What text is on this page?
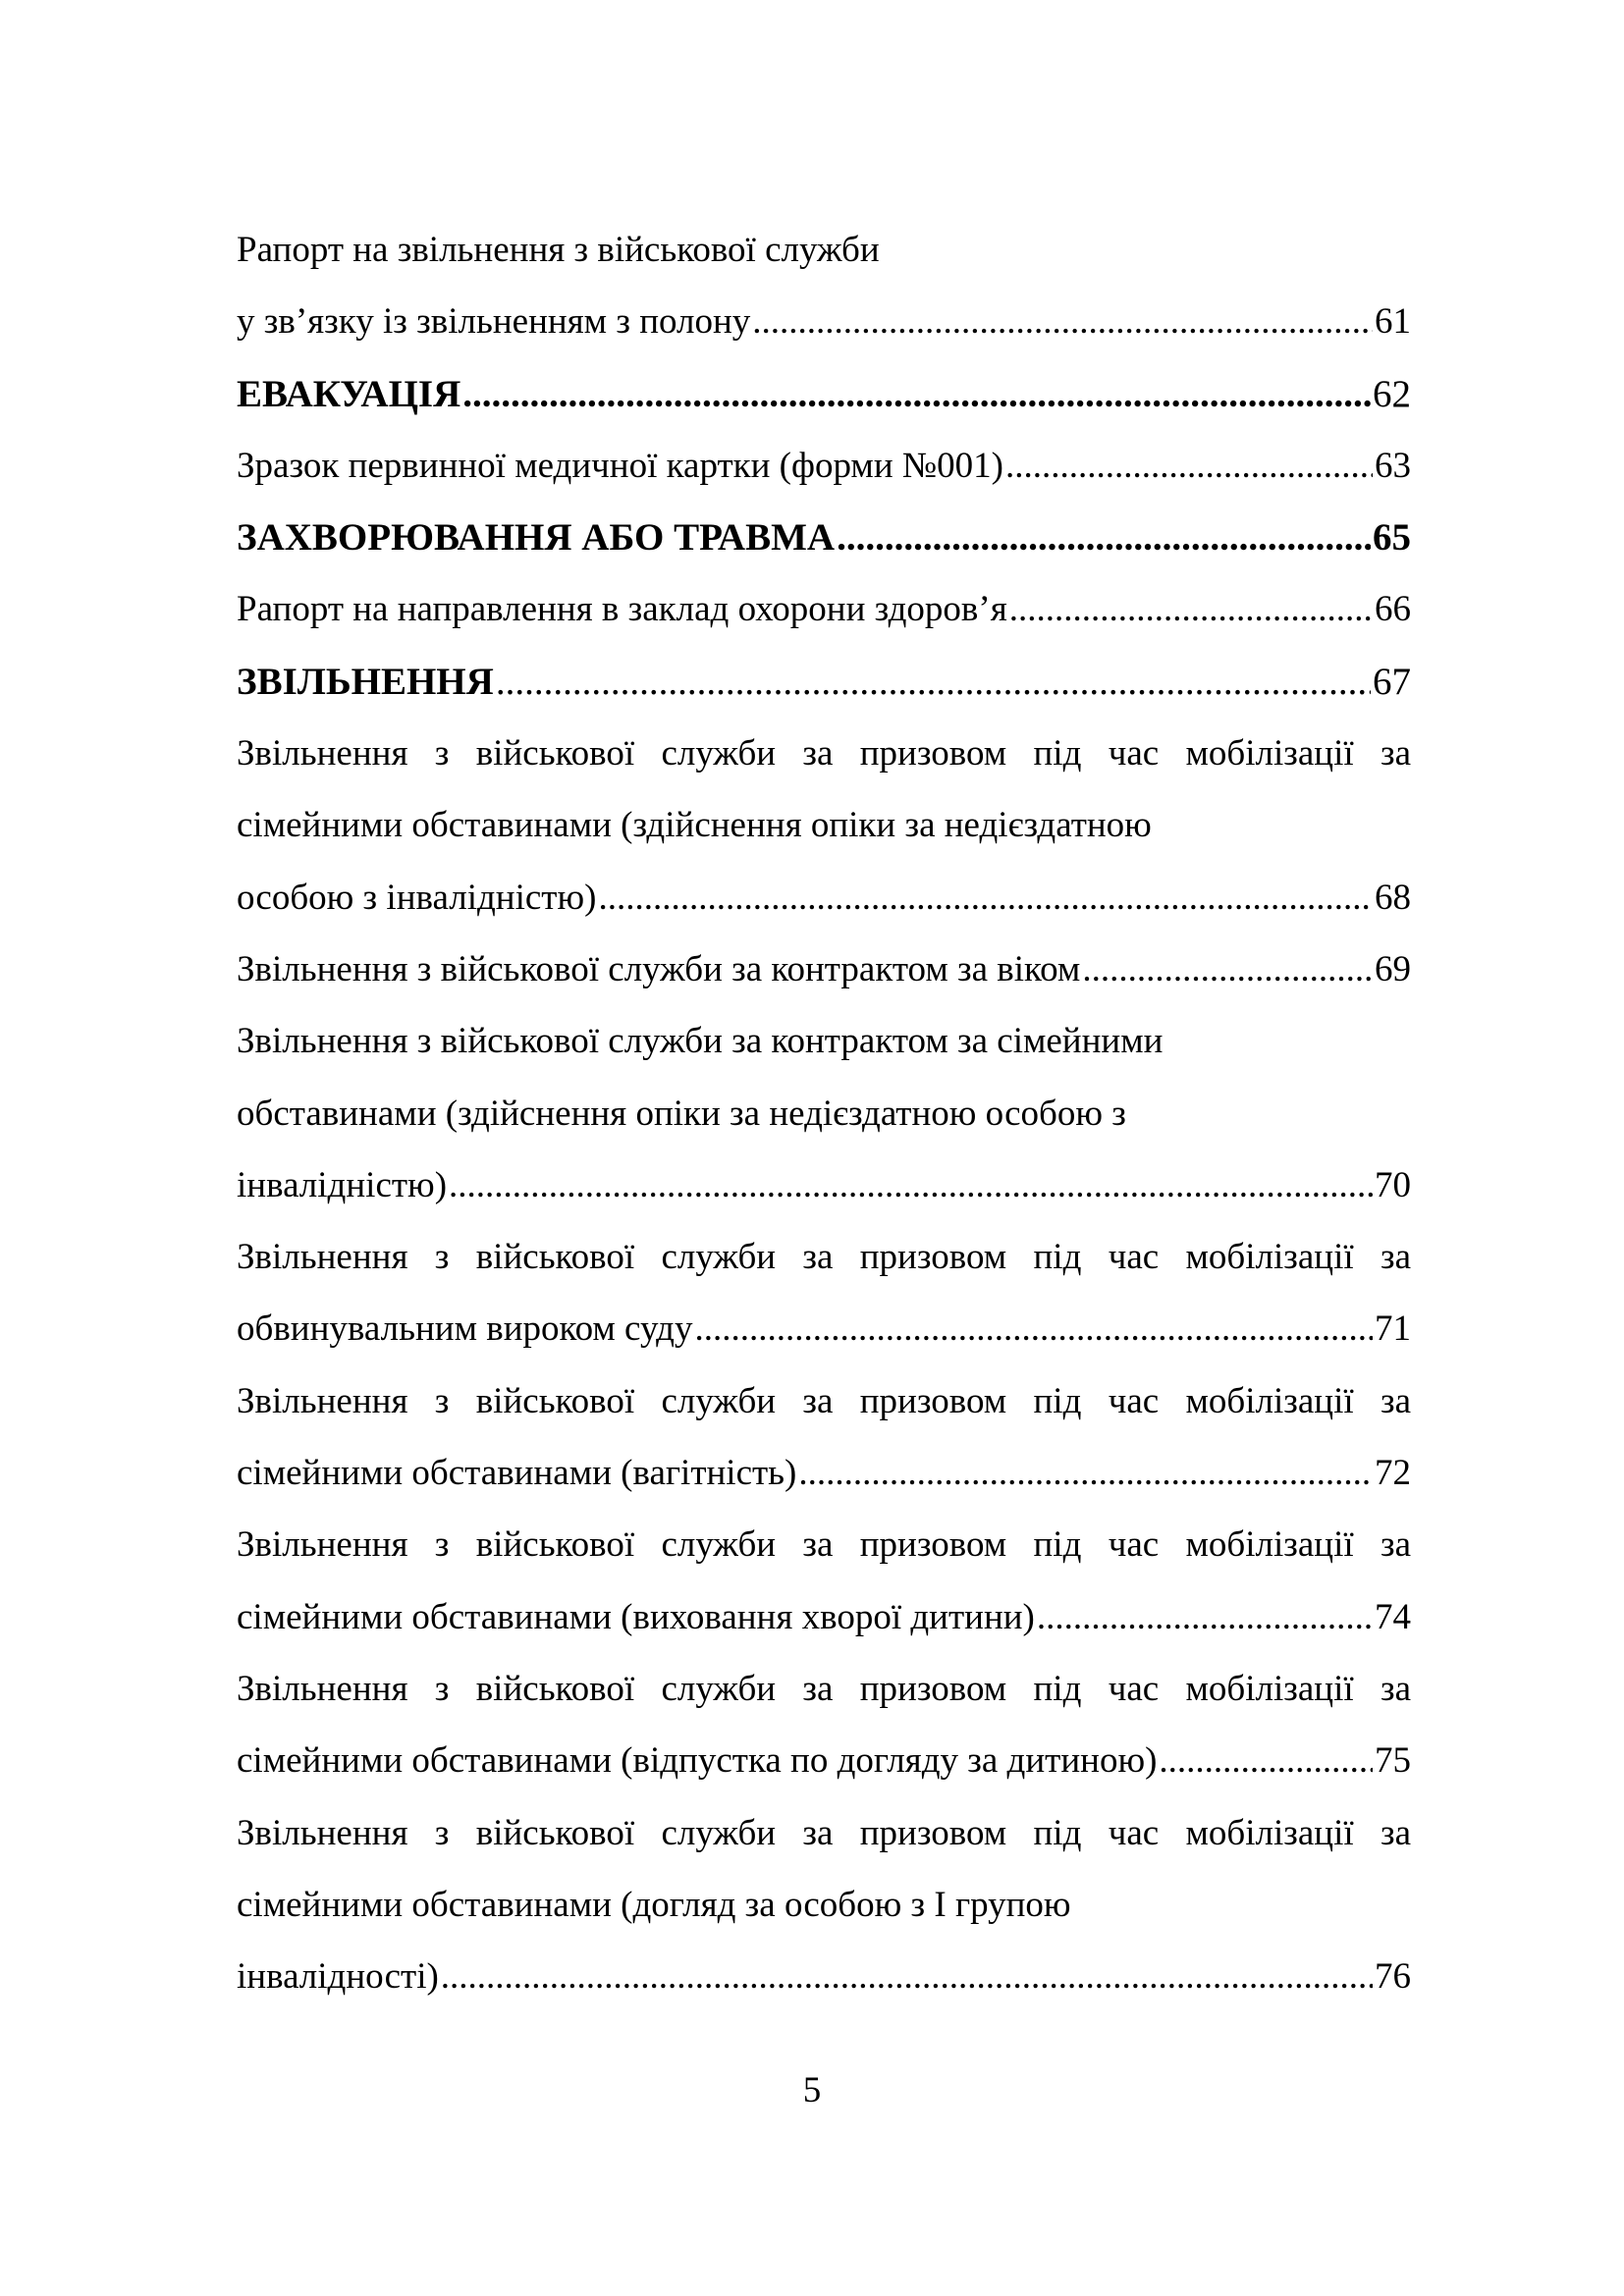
Рапорт на звільнення з військової служби
у зв’язку із звільненням з полону .....	61
ЕВАКУАЦІЯ .....	62
Зразок первинної медичної картки (форми №001) .....	63
ЗАХВОРЮВАННЯ АБО ТРАВМА .....	65
Рапорт на направлення в заклад охорони здоров’я .....	66
ЗВІЛЬНЕННЯ .....	67
Звільнення з військової служби за призовом під час мобілізації за
сімейними обставинами (здійснення опіки за недієздатною
особою з інвалідністю) .....	68
Звільнення з військової служби за контрактом за віком .....	69
Звільнення з військової служби за контрактом за сімейними
обставинами (здійснення опіки за недієздатною особою з
інвалідністю) .....	70
Звільнення з військової служби за призовом під час мобілізації за
обвинувальним вироком суду .....	71
Звільнення з військової служби за призовом під час мобілізації за
сімейними обставинами (вагітність) .....	72
Звільнення з військової служби за призовом під час мобілізації за
сімейними обставинами (виховання хворої дитини) .....	74
Звільнення з військової служби за призовом під час мобілізації за
сімейними обставинами (відпустка по догляду за дитиною) .....	75
Звільнення з військової служби за призовом під час мобілізації за
сімейними обставинами (догляд за особою з I групою
інвалідності) .....	76
5
